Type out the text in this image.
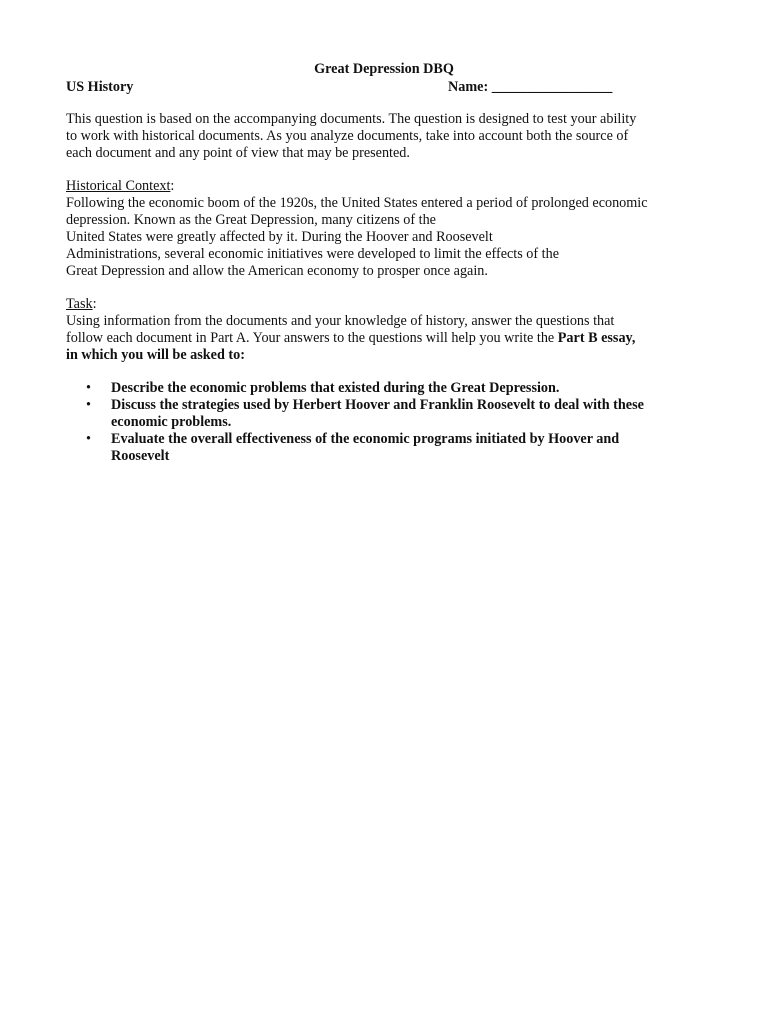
Great Depression DBQ
US History	Name: _________________
This question is based on the accompanying documents. The question is designed to test your ability
to work with historical documents. As you analyze documents, take into account both the source of
each document and any point of view that may be presented.
Historical Context:
Following the economic boom of the 1920s, the United States entered a period of prolonged economic
depression. Known as the Great Depression, many citizens of the
United States were greatly affected by it. During the Hoover and Roosevelt
Administrations, several economic initiatives were developed to limit the effects of the
Great Depression and allow the American economy to prosper once again.
Task:
Using information from the documents and your knowledge of history, answer the questions that
follow each document in Part A. Your answers to the questions will help you write the Part B essay,
in which you will be asked to:
• Describe the economic problems that existed during the Great Depression.
• Discuss the strategies used by Herbert Hoover and Franklin Roosevelt to deal with these
economic problems.
• Evaluate the overall effectiveness of the economic programs initiated by Hoover and
Roosevelt
